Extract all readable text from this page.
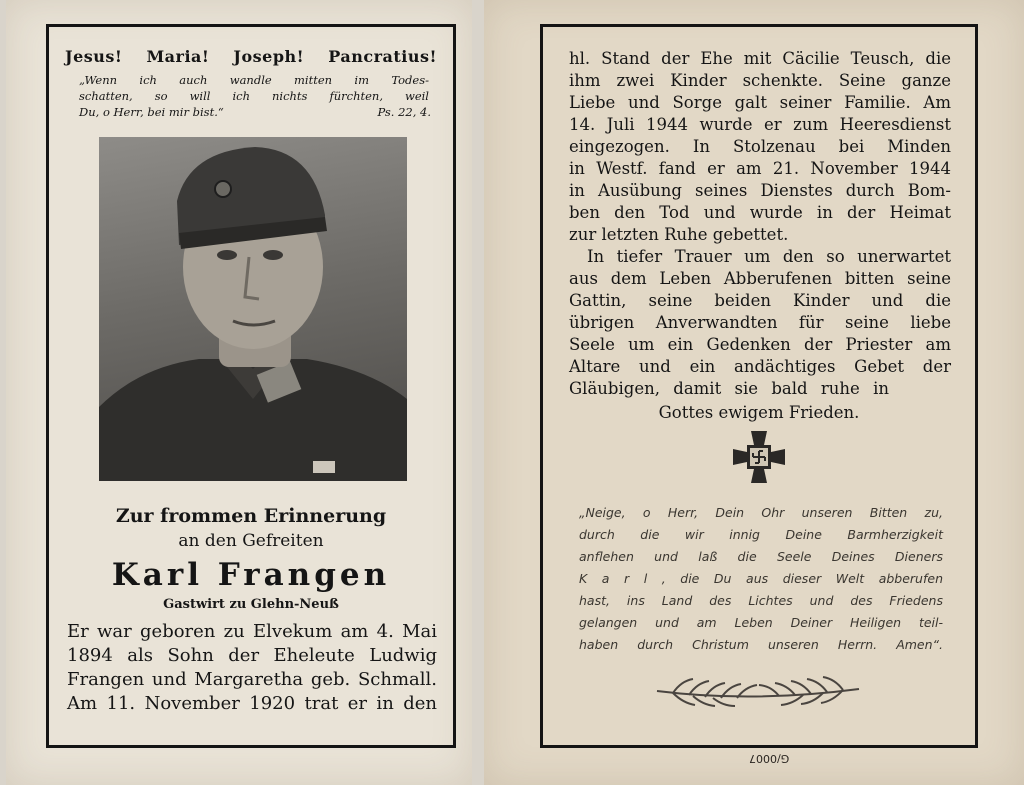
Jesus! Maria! Joseph! Pancratius!
„Wenn ich auch wandle mitten im Todes-
schatten, so will ich nichts fürchten, weil
Du, o Herr, bei mir bist.“	Ps. 22, 4.
Zur frommen Erinnerung
an den Gefreiten
Karl Frangen
Gastwirt zu Glehn-Neuß
Er war geboren zu Elvekum am 4. Mai
1894 als Sohn der Eheleute Ludwig
Frangen und Margaretha geb. Schmall.
Am 11. November 1920 trat er in den
hl. Stand der Ehe mit Cäcilie Teusch, die
ihm zwei Kinder schenkte. Seine ganze
Liebe und Sorge galt seiner Familie. Am
14. Juli 1944 wurde er zum Heeresdienst
eingezogen. In Stolzenau bei Minden
in Westf. fand er am 21. November 1944
in Ausübung seines Dienstes durch Bom-
ben den Tod und wurde in der Heimat
zur letzten Ruhe gebettet.
In tiefer Trauer um den so unerwartet
aus dem Leben Abberufenen bitten seine
Gattin, seine beiden Kinder und die
übrigen Anverwandten für seine liebe
Seele um ein Gedenken der Priester am
Altare und ein andächtiges Gebet der
Gläubigen, damit sie bald ruhe in
Gottes ewigem Frieden.
„Neige, o Herr, Dein Ohr unseren Bitten zu,
durch die wir innig Deine Barmherzigkeit
anflehen und laß die Seele Deines Dieners
K a r l , die Du aus dieser Welt abberufen
hast, ins Land des Lichtes und des Friedens
gelangen und am Leben Deiner Heiligen teil-
haben durch Christum unseren Herrn. Amen“.
G/0007
